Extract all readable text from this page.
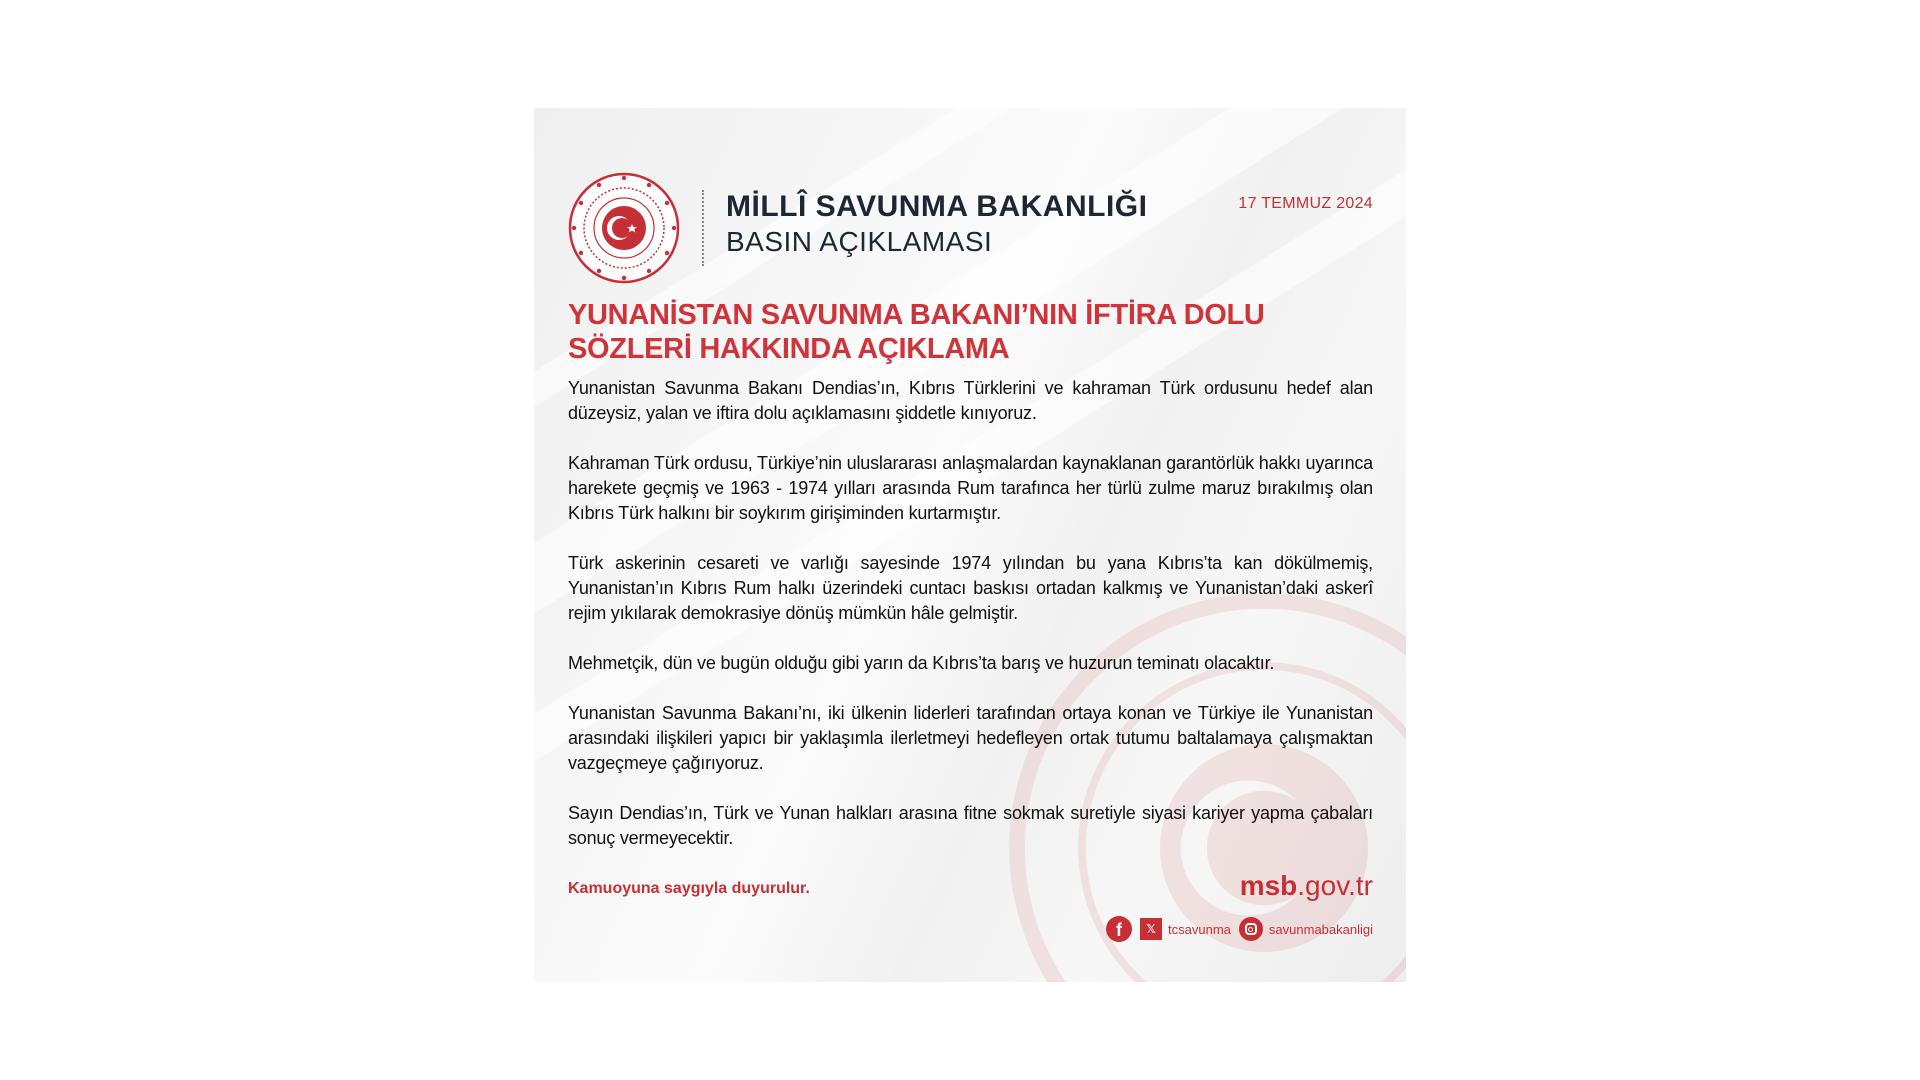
MİLLÎ SAVUNMA BAKANLIĞI
BASIN AÇIKLAMASI
17 TEMMUZ 2024
YUNANİSTAN SAVUNMA BAKANI’NIN İFTİRA DOLU
SÖZLERİ HAKKINDA AÇIKLAMA

Yunanistan Savunma Bakanı Dendias’ın, Kıbrıs Türklerini ve kahraman Türk ordusunu hedef alan düzeysiz, yalan ve iftira dolu açıklamasını şiddetle kınıyoruz.

Kahraman Türk ordusu, Türkiye’nin uluslararası anlaşmalardan kaynaklanan garantörlük hakkı uyarınca harekete geçmiş ve 1963 - 1974 yılları arasında Rum tarafınca her türlü zulme maruz bırakılmış olan Kıbrıs Türk halkını bir soykırım girişiminden kurtarmıştır.

Türk askerinin cesareti ve varlığı sayesinde 1974 yılından bu yana Kıbrıs’ta kan dökülmemiş, Yunanistan’ın Kıbrıs Rum halkı üzerindeki cuntacı baskısı ortadan kalkmış ve Yunanistan’daki askerî rejim yıkılarak demokrasiye dönüş mümkün hâle gelmiştir.

Mehmetçik, dün ve bugün olduğu gibi yarın da Kıbrıs’ta barış ve huzurun teminatı olacaktır.

Yunanistan Savunma Bakanı’nı, iki ülkenin liderleri tarafından ortaya konan ve Türkiye ile Yunanistan arasındaki ilişkileri yapıcı bir yaklaşımla ilerletmeyi hedefleyen ortak tutumu baltalamaya çalışmaktan vazgeçmeye çağırıyoruz.

Sayın Dendias’ın, Türk ve Yunan halkları arasına fitne sokmak suretiyle siyasi kariyer yapma çabaları sonuç vermeyecektir.

Kamuoyuna saygıyla duyurulur.	msb.gov.tr
f	𝕏 tcsavunma	savunmabakanligi
